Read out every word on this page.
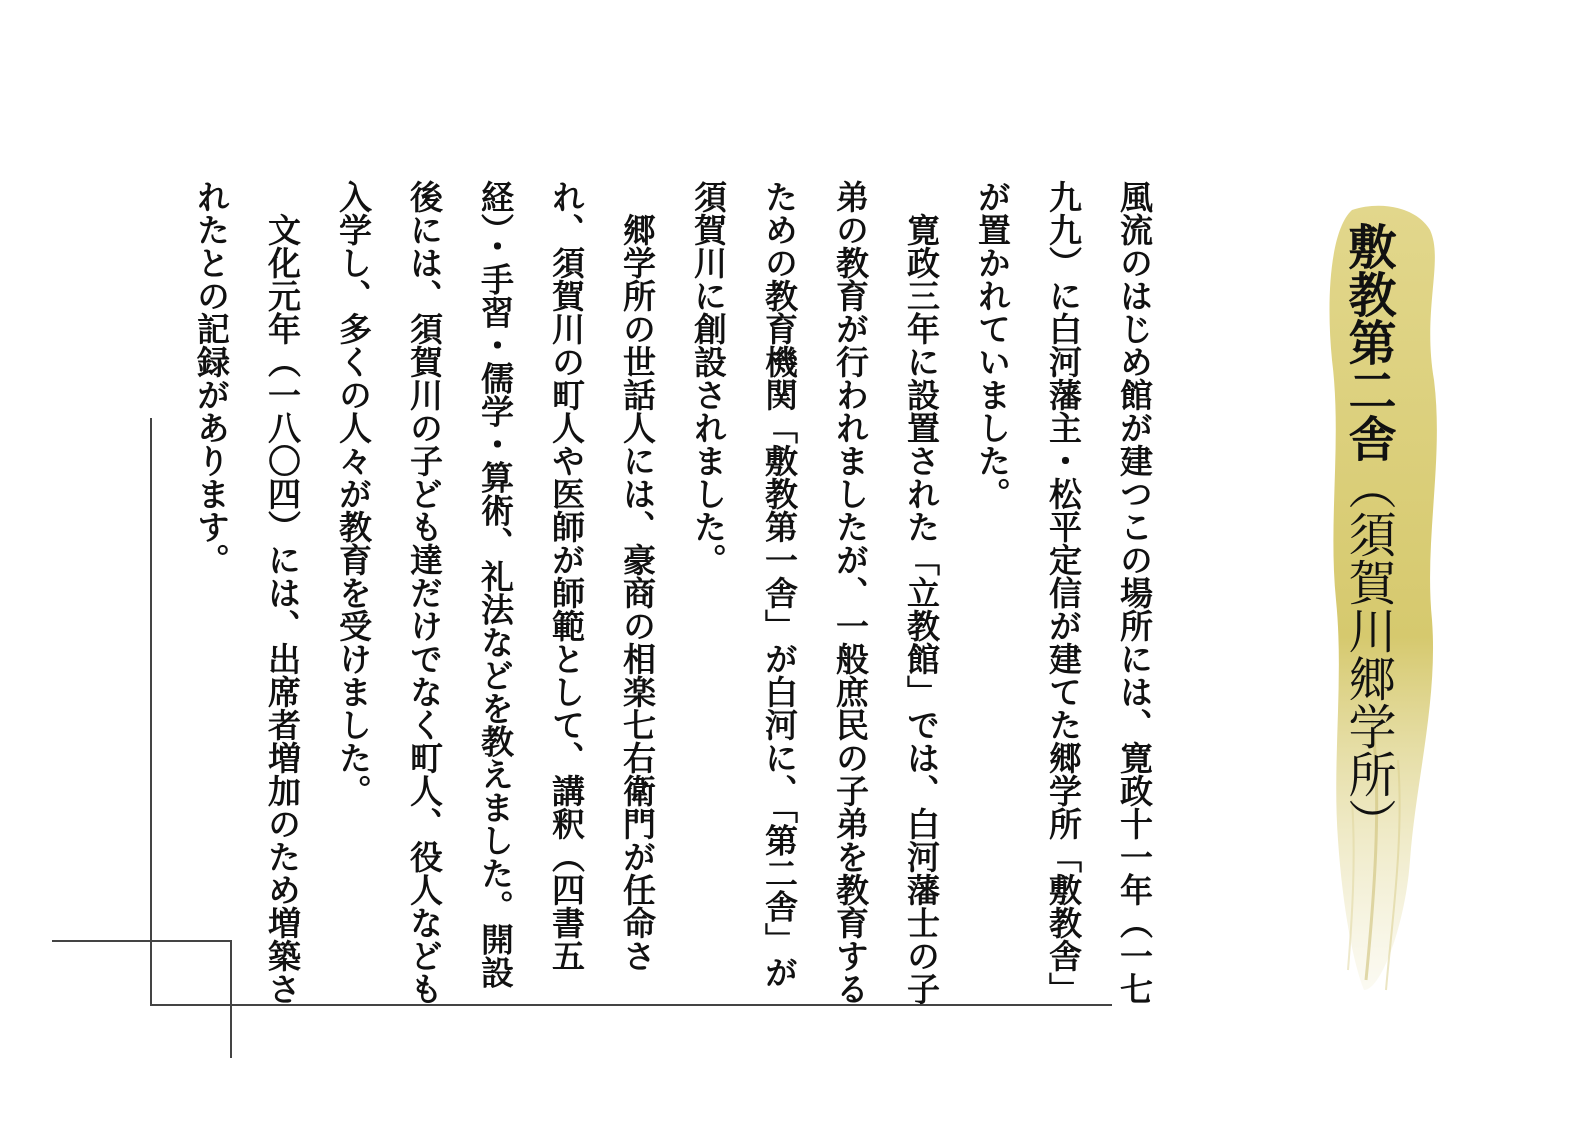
敷教第二舎（須賀川郷学所）

風流のはじめ館が建つこの場所には、寛政十一年（一七九九）に白河藩主・松平定信が建てた郷学所「敷教舎」が置かれていました。

寛政三年に設置された「立教館」では、白河藩士の子弟の教育が行われましたが、一般庶民の子弟を教育するための教育機関「敷教第一舎」が白河に、「第二舎」が須賀川に創設されました。

郷学所の世話人には、豪商の相楽七右衛門が任命され、須賀川の町人や医師が師範として、講釈（四書五経）・手習・儒学・算術、礼法などを教えました。開設後には、須賀川の子ども達だけでなく町人、役人なども入学し、多くの人々が教育を受けました。

文化元年（一八〇四）には、出席者増加のため増築されたとの記録があります。
